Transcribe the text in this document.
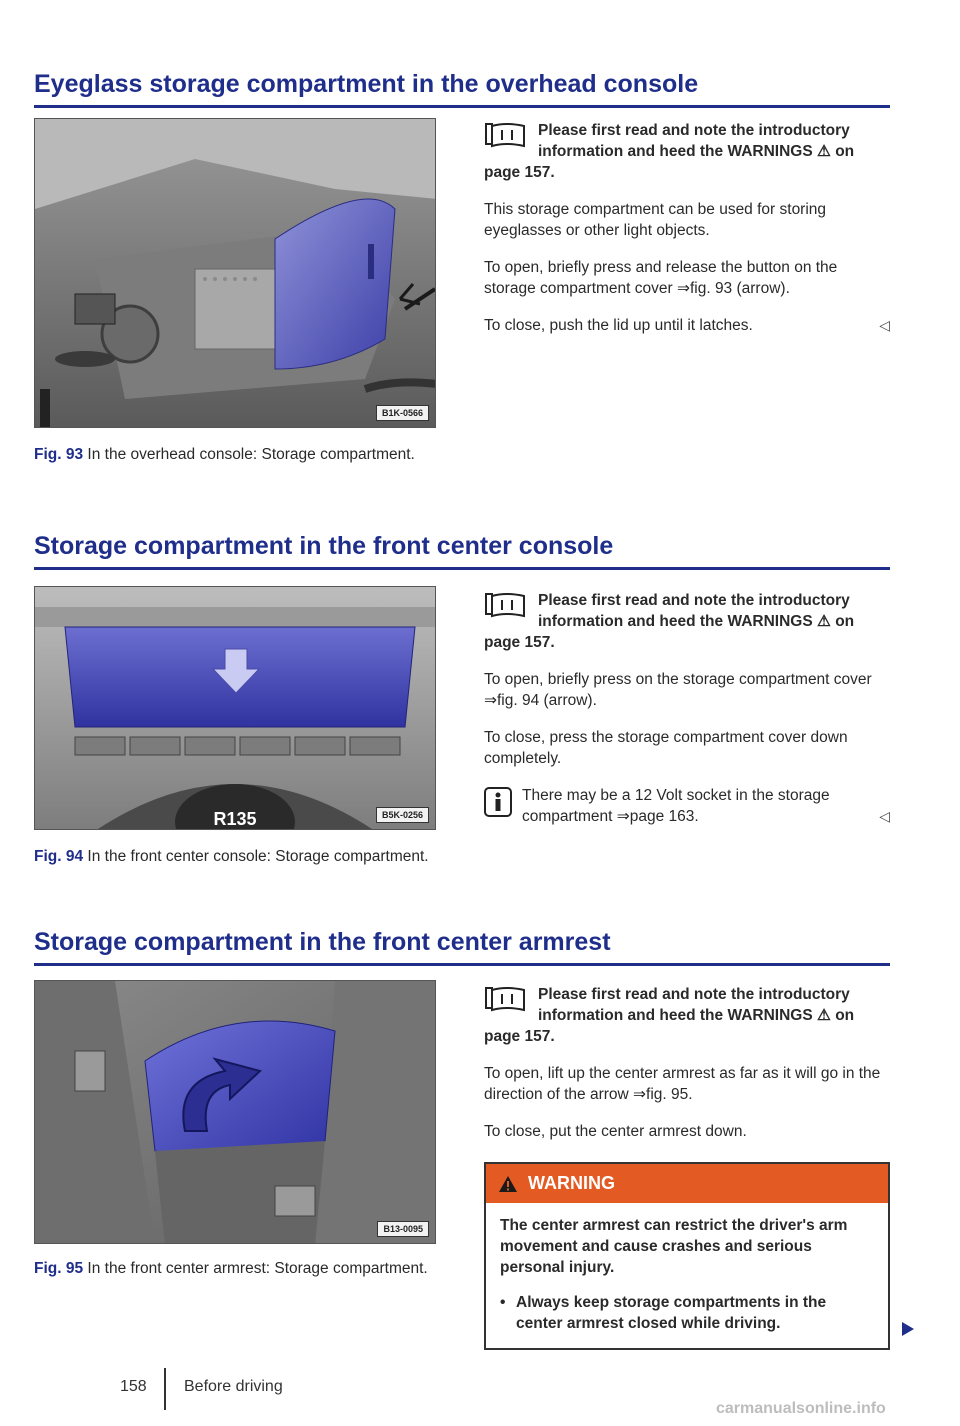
Eyeglass storage compartment in the overhead console
B1K-0566
Fig. 93 In the overhead console: Storage compartment.
Please first read and note the introductory information and heed the WARNINGS ⚠ on page 157.
This storage compartment can be used for storing eyeglasses or other light objects.
To open, briefly press and release the button on the storage compartment cover ⇒fig. 93 (arrow).
To close, push the lid up until it latches.	◁
Storage compartment in the front center console
R135	B5K-0256
Fig. 94 In the front center console: Storage compartment.
Please first read and note the introductory information and heed the WARNINGS ⚠ on page 157.
To open, briefly press on the storage compartment cover ⇒fig. 94 (arrow).
To close, press the storage compartment cover down completely.
There may be a 12 Volt socket in the storage compartment ⇒page 163.	◁
Storage compartment in the front center armrest
B13-0095
Fig. 95 In the front center armrest: Storage compartment.
Please first read and note the introductory information and heed the WARNINGS ⚠ on page 157.
To open, lift up the center armrest as far as it will go in the direction of the arrow ⇒fig. 95.
To close, put the center armrest down.
WARNING
The center armrest can restrict the driver's arm movement and cause crashes and serious personal injury.
• Always keep storage compartments in the center armrest closed while driving.
158 Before driving
carmanualsonline.info
